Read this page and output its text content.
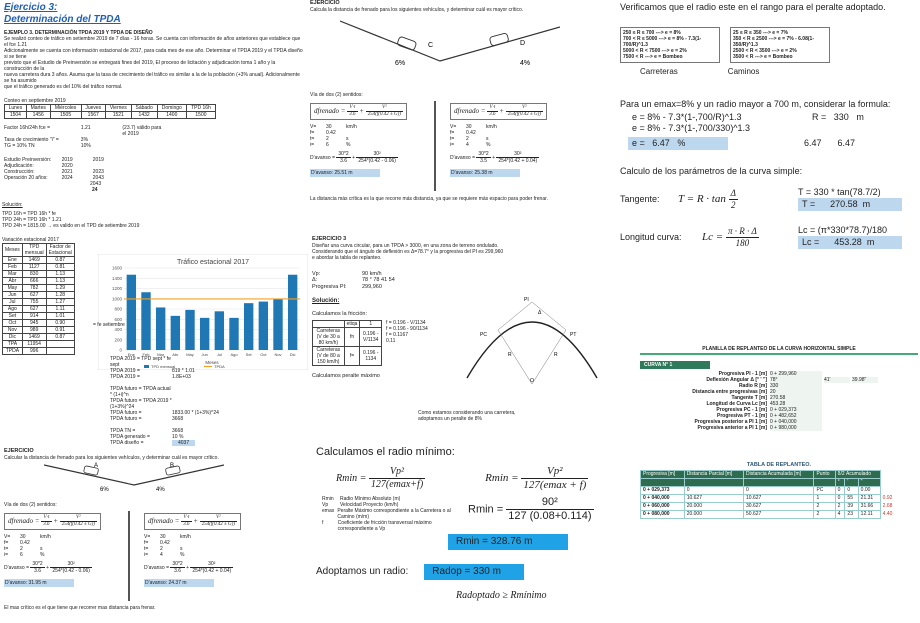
Ejercicio 3:
Determinación del TPDA
EJEMPLO 3. DETERMINACIÓN TPDA 2019 Y TPDA DE DISEÑO
Se realizó conteo de tráfico en setiembre 2019 de 7 días - 16 horas. Se cuenta con información de años anteriores que establece que el fce 1.21
Adicionalmente se cuenta con información estacional de 2017, para cada mes de ese año. Determinar el TPDA 2019 y el TPDA diseño si se tiene
previsto que el Estudio de Preinversión se entregará fines del 2019, El proceso de licitación y adjudicación toma 1 año y la construcción de la
nueva carretera dura 3 años. Asuma que la tasa de crecimiento del tráfico es similar a la de la población (+3% anual). Adicionalmente se ha asumido
que el tráfico generado es del 10% del tráfico normal.
Conteo en septiembre 2019
Lunes	Martes	Miércoles	Jueves	Viernes	Sábado	Domingo	TPD 16h
1504	1456	1505	1567	1521	1432	1400	1500
Factor 16h/24h fce =	1.21	(23.7) válido para el 2019
Tasa de crecimiento "i" =	3%
TG = 10% TN	10%
Estudio Preinversión:	2019	2019
Adjudicación:	2020
Construcción:	2021	2023
Operación 20 años:	2024	2043
2043
24
Solución:
TPD 16h = TPD 16h * fe
TPD 24h = TPD 16h * 1.21
TPD 24h = 1815.00 → es valido en el TPD de setiembre 2019
Variación estacional 2017
Meses	TPD mensual	Factor de Estacional
Ene	1469	0.87
Feb	1127	0.81
Mar	830	1.13
Abr	666	1.13
May	782	1.29
Jun	627	1.28
Jul	755	1.27
Ago	627	1.11
Set	914	1.01
Oct	945	0.90
Nov	989	0.91
Dic	1469	0.87
TPA	11954	
TPDA	996	
Tráfico estacional 2017
0
200
400
600
800
1000
1200
1400
1600
Ene Feb Mar Abr May Jun Jul Ago Set Oct Nov Dic
Meses
TPD mensual	TPDA
= fe setiembre
TPDA 2019 = TPD sept * fe sept
TPDA 2019 =	819 * 1.01
TPDA 2019 =	1.8E+03
TPDA futuro = TPDA actual * (1+i)^n
TPDA futuro = TPDA 2019 * (1+3%)^24
TPDA futuro =	1833.00 * (1+3%)^24
TPDA futuro =	3668
TPDA TN =	3668
TPDA generado =	10 %
TPDA diseño =	4037
EJERCICIO
Calcular la distancia de frenado para los siguientes vehículos, y determinar cuál es mayor crítico.
A	B
6%	4%
Vía de dos (2) sentidos:
dfrenado = $\frac{V\cdot t}{3.6} + \frac{\text{V²}}{254(f(0.42 \pm G))}$
V=	30	km/h
f=	0.42
t=	2	s
i=	6	%
D'avanso = $\frac{30*2}{3.6} + \frac{\text{30²}}{254*(0.42 - 0.06)}$
D'avanso: 31.95 m
dfrenado = $\frac{V\cdot t}{3.6} + \frac{\text{V²}}{254(f(0.42 \pm G))}$
V=	30	km/h
f=	0.42
t=	2	s
i=	4	%
D'avanso = $\frac{30*2}{3.6} + \frac{\text{30²}}{254*(0.42 + 0.04)}$
D'avanso: 24.37 m
El mas crítico es el que tiene que recorrer mas distancia para frenar.
EJERCICIO
Calcula la distancia de frenado para los siguientes vehículos, y determinar cuál es mayor crítico.
C	D
6%	4%
Vía de dos (2) sentidos:
dfrenado = $\frac{V\cdot t}{3.6} + \frac{\text{V²}}{254(f(0.42 \pm G))}$
V=	30	km/h
f=	0.42
t=	2	s
i=	6	%
D'avanso = $\frac{30*2}{3.6} + \frac{\text{30²}}{254*(0.42 - 0.06)}$
D'avanso: 25.51 m
dfrenado = $\frac{V\cdot t}{3.6} + \frac{\text{V²}}{254(f(0.42 \pm G))}$
V=	30	km/h
f=	0.42
t=	2	s
i=	4	%
D'avanso = $\frac{30*2}{3.5} + \frac{\text{30²}}{254*(0.42 + 0.04)}$
D'avanso: 25.38 m
La distancia más crítica es la que recorre más distancia, ya que se requiere más espacio para poder frenar.
EJERCICIO 3
Diseñar una curva circular, para un TPDA > 3000, en una zona de terreno ondulado.
Considerando que el ángulo de deflexión es Δ=78.7° y la progresiva del PI es 299,960
e abordar la tabla de replanteo.
Vp:	90 km/h
Δ:	78 ° 78 41 54
Progresiva PI:	299,960
Solución:
Calculamos la fricción:
	etiqa	1
Carreteras (V de 30 a 80 km/h)	fn	0.196 - V/1134
Carreteras (V de 80 a 150 km/h)	f=	0.196 - 1134
f = 0.196 - V/1134
f = 0.196 - 90/1134
f = 0.1167
0.11
Calculamos peralte máximo
Como estamos considerando una carretera,
adoptamos un peralte de 8%
PI
R
PC	PT
R
O
Δ
Calculamos el radio mínimo:
Rmin =
Vp²
127(emax+f)
Rmin =
Vp²
127(emax + f)
Rmin	Radio Mínimo Absoluto (m)
Vp	Velocidad Proyecto (km/h)
emax Peralte Máximo correspondiente a la Carretera o al Camino (m/m)
f	Coeficiente de fricción transversal máximo correspondiente a Vp
$Rmin = \frac{\text{90²}}{127 (0.08+0.114)}$
Rmin = 328.76 m
Adoptamos un radio:	Radop = 330 m
Radoptado ≥ Rmínimo
Verificamos que el radio este en el rango para el peralte adoptado.
250 ≤ R ≤ 700 ---> e = 8%
700 < R ≤ 5000 ---> e = 8% - 7.3(1-700/R)^1.3
5000 < R < 7500 ---> e = 2%
7500 < R ---> e = Bombeo
25 ≤ R ≤ 350 ---> e = 7%
350 < R ≤ 2500 ---> e = 7% - 6.08(1-350/R)^1.3
2500 < R < 3500 ---> e = 2%
3500 < R ---> e = Bombeo
Carreteras	Caminos
Para un emax=8% y un radio mayor a 700 m, considerar la formula:
e = 8% - 7.3*(1-,700/R)^1.3	R = 330 m
e = 8% - 7.3*(1-,700/330)^1.3
e = 6.47 %	6.47 6.47
Calculo de los parámetros de la curva simple:
Tangente:	$T = R \cdot \tan \frac{\Delta}{2}$	T = 330 * tan(78.7/2)
T = 270.58 m
Longitud curva:	$Lc = \frac{\pi \cdot R \cdot \Delta}{180}$	Lc = (π*330*78.7)/180
Lc = 453.28 m
PLANILLA DE REPLANTEO DE LA CURVA HORIZONTAL SIMPLE
CURVA N° 1
Progresiva PI - 1 [m] 0 + 299,960
Deflexión Angular Δ [° ' "] 78°	41'	39.98"
Radio R [m] 330
Distancia entre progresivas [m] 20
Tangente T [m] 270.58
Longitud de Curva Lc [m] 453.28
Progresiva PC - 1 [m] 0 + 029,373
Progresiva PT - 1 [m] 0 + 482,652
Progresiva posterior a PI 1 [m] 0 + 040,000
Progresiva anterior a PI 1 [m] 0 + 980,000
TABLA DE REPLANTEO.
Progresiva [m]	Distancia Parcial [m]	Distancia Acumulada [m]	Punto	δ/2 Acumulado			
				°	'	"	
0 + 029,373	0	0	PC	0	0	0.00	
0 + 040,000	10.627	10.627	1	0	55	21.31	0.92
0 + 060,000	20.000	30.627	2	2	39	31.66	2.68
0 + 080,000	20.000	50.627	2	4	23	12.11	4.40
